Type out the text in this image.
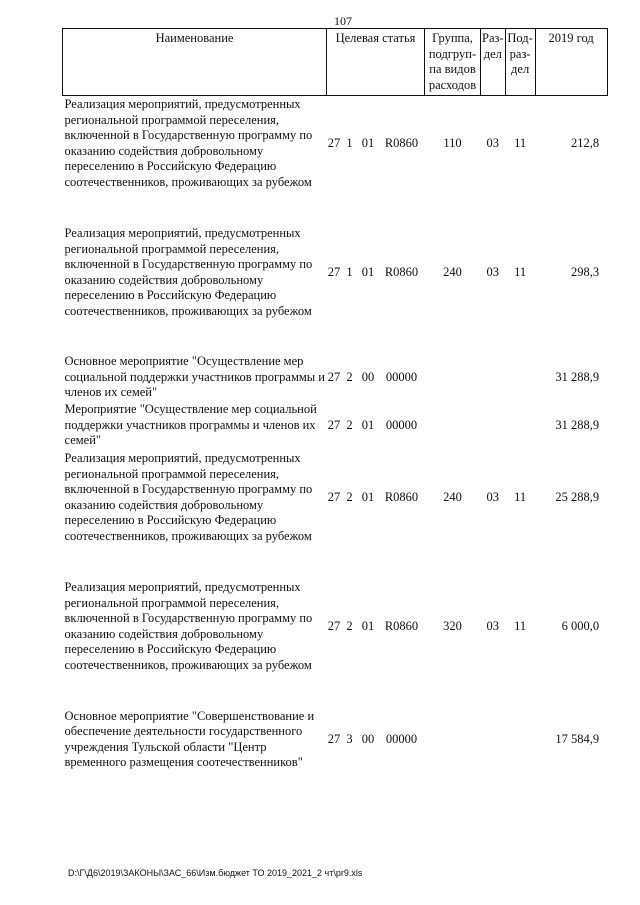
107
Наименование	Целевая статья				Группа, подгруп-па видов расходов	Раз-дел	Под-раз-дел	2019 год
Реализация мероприятий, предусмотренных региональной программой переселения, включенной в Государственную программу по оказанию содействия добровольному переселению в Российскую Федерацию соотечественников, проживающих за рубежом	27	1	01	R0860	110	03	11	212,8

Реализация мероприятий, предусмотренных региональной программой переселения, включенной в Государственную программу по оказанию содействия добровольному переселению в Российскую Федерацию соотечественников, проживающих за рубежом	27	1	01	R0860	240	03	11	298,3

Основное мероприятие "Осуществление мер социальной поддержки участников программы и членов их семей"	27	2	00	00000				31 288,9
Мероприятие "Осуществление мер социальной поддержки участников программы и членов их семей"	27	2	01	00000				31 288,9
Реализация мероприятий, предусмотренных региональной программой переселения, включенной в Государственную программу по оказанию содействия добровольному переселению в Российскую Федерацию соотечественников, проживающих за рубежом	27	2	01	R0860	240	03	11	25 288,9

Реализация мероприятий, предусмотренных региональной программой переселения, включенной в Государственную программу по оказанию содействия добровольному переселению в Российскую Федерацию соотечественников, проживающих за рубежом	27	2	01	R0860	320	03	11	6 000,0

Основное мероприятие "Совершенствование и обеспечение деятельности государственного учреждения Тульской области "Центр временного размещения соотечественников"	27	3	00	00000				17 584,9
D:\Г\Д6\2019\ЗАКОНЫ\ЗАС_66\Изм.бюджет ТО 2019_2021_2 чт\pr9.xls
